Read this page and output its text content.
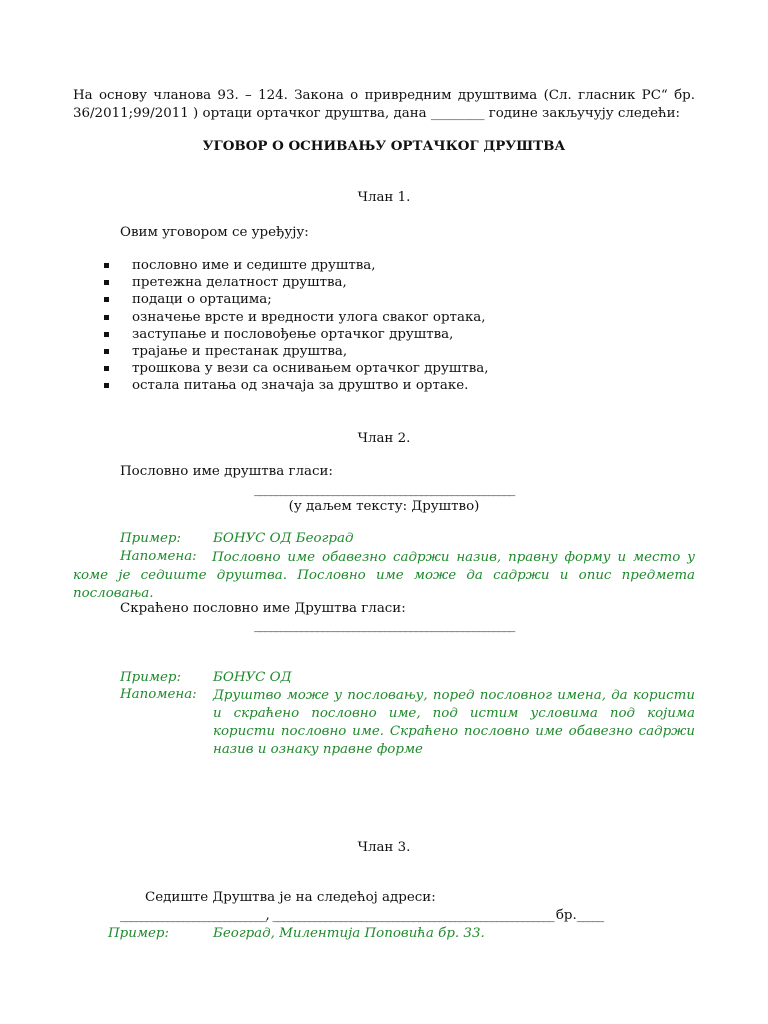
На основу чланова 93. – 124. Закона о привредним друштвима (Сл. гласник РС“ бр. 36/2011;99/2011 ) ортаци ортачког друштва, дана ________ године закључују следећи:
УГОВОР О ОСНИВАЊУ ОРТАЧКОГ ДРУШТВА
Члан 1.
Овим уговором се уређују:
пословно име и седиште друштва,
претежна делатност друштва,
подаци о ортацима;
означење врсте и вредности улога сваког ортака,
заступање и пословођење ортачког друштва,
трајање и престанак друштва,
трошкова у вези са оснивањем ортачког друштва,
остала питања од значаја за друштво и ортаке.
Члан 2.
Пословно име друштва гласи:
__________________________________________________
(у даљем тексту: Друштво)
Пример: БОНУС ОД Београд
Напомена:	Пословно име обавезно садржи назив, правну форму и место у коме је седиште друштва. Пословно име може да садржи и опис предмета пословања.
Скраћено пословно име Друштва гласи:
__________________________________________________
Пример: БОНУС ОД
Напомена: Друштво може у пословању, поред пословног имена, да користи и скраћено пословно име, под истим условима под којима користи пословно име. Скраћено пословно име обавезно садржи назив и ознаку правне форме
Члан 3.
Седиште Друштва је на следећој адреси:
____________________________, ______________________________________________________ бр._____
Пример:	Београд, Милентија Поповића бр. 33.
